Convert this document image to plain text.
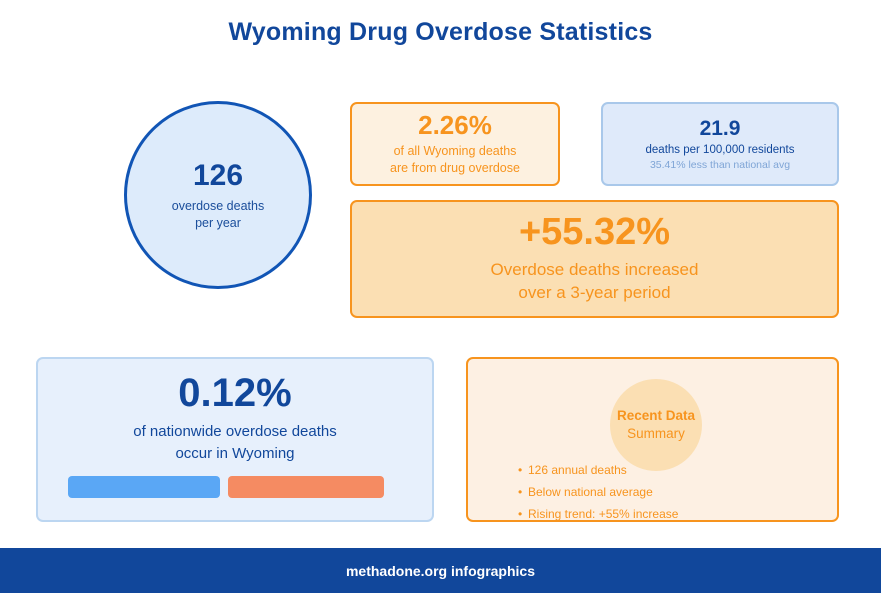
Wyoming Drug Overdose Statistics
126
overdose deaths
per year
2.26%
of all Wyoming deaths
are from drug overdose
21.9
deaths per 100,000 residents
35.41% less than national avg
+55.32%
Overdose deaths increased
over a 3-year period
0.12%
of nationwide overdose deaths
occur in Wyoming
Recent Data
Summary
• 126 annual deaths
• Below national average
• Rising trend: +55% increase
methadone.org infographics
